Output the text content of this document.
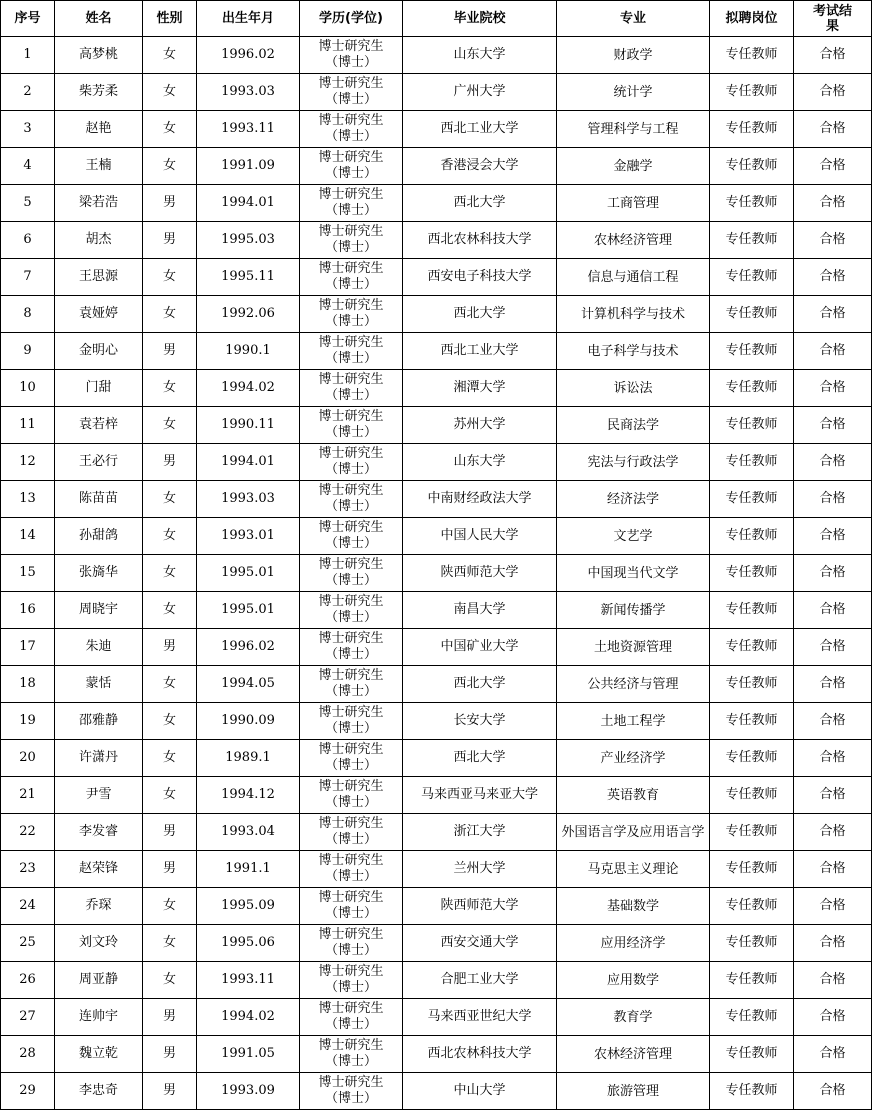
序号	姓名	性别	出生年月	学历(学位)	毕业院校	专业	拟聘岗位	考试结果
1	高梦桃	女	1996.02	博士研究生（博士）	山东大学	财政学	专任教师	合格
2	柴芳柔	女	1993.03	博士研究生（博士）	广州大学	统计学	专任教师	合格
3	赵艳	女	1993.11	博士研究生（博士）	西北工业大学	管理科学与工程	专任教师	合格
4	王楠	女	1991.09	博士研究生（博士）	香港浸会大学	金融学	专任教师	合格
5	梁若浩	男	1994.01	博士研究生（博士）	西北大学	工商管理	专任教师	合格
6	胡杰	男	1995.03	博士研究生（博士）	西北农林科技大学	农林经济管理	专任教师	合格
7	王思源	女	1995.11	博士研究生（博士）	西安电子科技大学	信息与通信工程	专任教师	合格
8	袁娅婷	女	1992.06	博士研究生（博士）	西北大学	计算机科学与技术	专任教师	合格
9	金明心	男	1990.1	博士研究生（博士）	西北工业大学	电子科学与技术	专任教师	合格
10	门甜	女	1994.02	博士研究生（博士）	湘潭大学	诉讼法	专任教师	合格
11	袁若梓	女	1990.11	博士研究生（博士）	苏州大学	民商法学	专任教师	合格
12	王必行	男	1994.01	博士研究生（博士）	山东大学	宪法与行政法学	专任教师	合格
13	陈苗苗	女	1993.03	博士研究生（博士）	中南财经政法大学	经济法学	专任教师	合格
14	孙甜鸽	女	1993.01	博士研究生（博士）	中国人民大学	文艺学	专任教师	合格
15	张旖华	女	1995.01	博士研究生（博士）	陕西师范大学	中国现当代文学	专任教师	合格
16	周晓宇	女	1995.01	博士研究生（博士）	南昌大学	新闻传播学	专任教师	合格
17	朱迪	男	1996.02	博士研究生（博士）	中国矿业大学	土地资源管理	专任教师	合格
18	蒙恬	女	1994.05	博士研究生（博士）	西北大学	公共经济与管理	专任教师	合格
19	邵雅静	女	1990.09	博士研究生（博士）	长安大学	土地工程学	专任教师	合格
20	许潇丹	女	1989.1	博士研究生（博士）	西北大学	产业经济学	专任教师	合格
21	尹雪	女	1994.12	博士研究生（博士）	马来西亚马来亚大学	英语教育	专任教师	合格
22	李发睿	男	1993.04	博士研究生（博士）	浙江大学	外国语言学及应用语言学	专任教师	合格
23	赵荣锋	男	1991.1	博士研究生（博士）	兰州大学	马克思主义理论	专任教师	合格
24	乔琛	女	1995.09	博士研究生（博士）	陕西师范大学	基础数学	专任教师	合格
25	刘文玲	女	1995.06	博士研究生（博士）	西安交通大学	应用经济学	专任教师	合格
26	周亚静	女	1993.11	博士研究生（博士）	合肥工业大学	应用数学	专任教师	合格
27	连帅宇	男	1994.02	博士研究生（博士）	马来西亚世纪大学	教育学	专任教师	合格
28	魏立乾	男	1991.05	博士研究生（博士）	西北农林科技大学	农林经济管理	专任教师	合格
29	李忠奇	男	1993.09	博士研究生（博士）	中山大学	旅游管理	专任教师	合格
